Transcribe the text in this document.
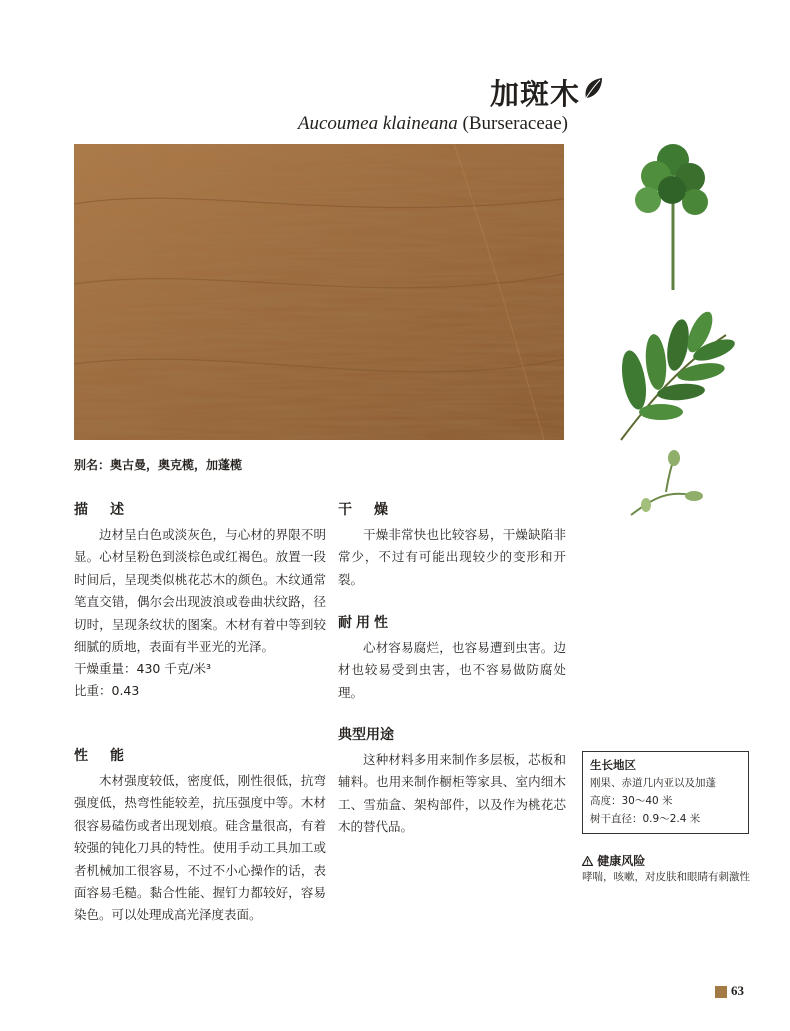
加斑木
Aucoumea klaineana (Burseraceae)
别名：奥古曼，奥克榄，加蓬榄
描　述

边材呈白色或淡灰色，与心材的界限不明显。心材呈粉色到淡棕色或红褐色。放置一段时间后，呈现类似桃花芯木的颜色。木纹通常笔直交错，偶尔会出现波浪或卷曲状纹路，径切时，呈现条纹状的图案。木材有着中等到较细腻的质地，表面有半亚光的光泽。

干燥重量：430 千克/米³
比重：0.43
性　能

木材强度较低，密度低，刚性很低，抗弯强度低，热弯性能较差，抗压强度中等。木材很容易磕伤或者出现划痕。硅含量很高，有着较强的钝化刀具的特性。使用手动工具加工或者机械加工很容易，不过不小心操作的话，表面容易毛糙。黏合性能、握钉力都较好，容易染色。可以处理成高光泽度表面。

干　燥

干燥非常快也比较容易，干燥缺陷非常少，不过有可能出现较少的变形和开裂。

耐用性

心材容易腐烂，也容易遭到虫害。边材也较易受到虫害，也不容易做防腐处理。

典型用途

这种材料多用来制作多层板，芯板和辅料。也用来制作橱柜等家具、室内细木工、雪茄盒、架构部件，以及作为桃花芯木的替代品。

生长地区
刚果、赤道几内亚以及加蓬
高度：30～40 米
树干直径：0.9～2.4 米
健康风险
哮喘，咳嗽，对皮肤和眼睛有刺激性
63
